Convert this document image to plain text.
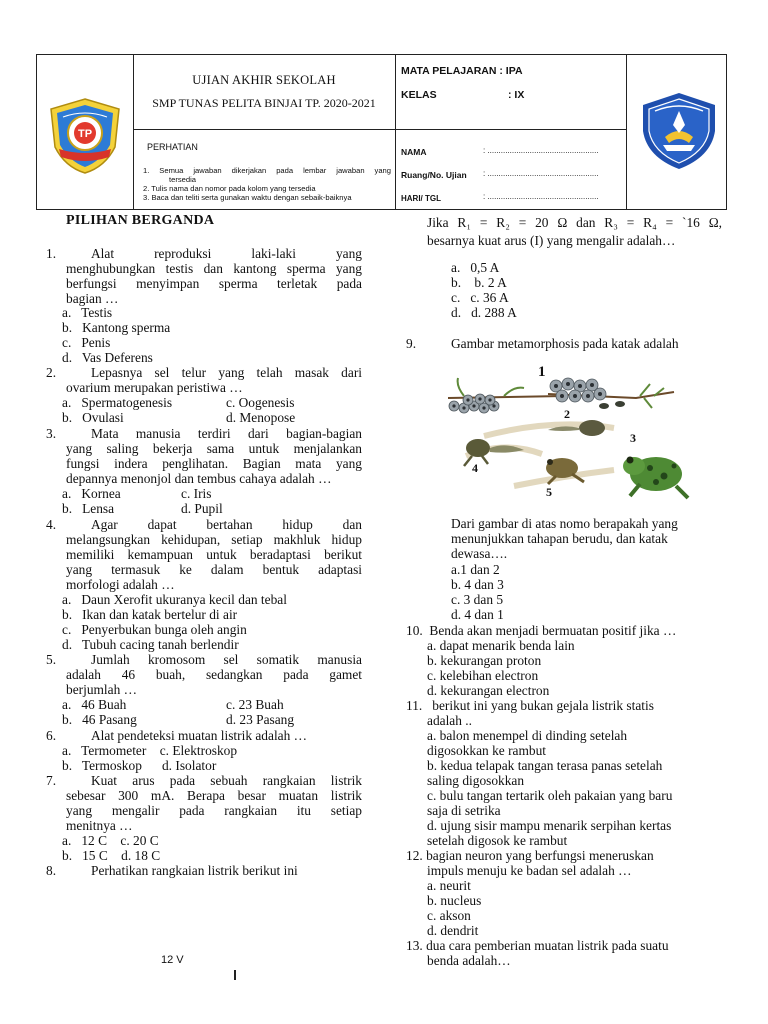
TP
UJIAN AKHIR SEKOLAH
SMP TUNAS PELITA BINJAI TP. 2020-2021
PERHATIAN
1. Semua jawaban dikerjakan pada lembar jawaban yang
tersedia
2. Tulis nama dan nomor pada kolom yang tersedia
3. Baca dan teliti serta gunakan waktu dengan sebaik-baiknya
MATA PELAJARAN : IPA
KELAS	: IX
NAMA	: ..................................................
Ruang/No. Ujian : ..................................................
HARI/ TGL	: ..................................................
PILIHAN BERGANDA
1.	Alat reproduksi laki-laki yang
menghubungkan testis dan kantong sperma yang
berfungsi menyimpan sperma terletak pada
bagian …
a.   Testis
b.   Kantong sperma
c.   Penis
d.   Vas Deferens
2.	Lepasnya sel telur yang telah masak dari
ovarium merupakan peristiwa …
a.   Spermatogenesis	c. Oogenesis
b.   Ovulasi	d. Menopose
3.	Mata manusia terdiri dari bagian-bagian
yang saling bekerja sama untuk menjalankan
fungsi indera penglihatan. Bagian mata yang
depannya menonjol dan tembus cahaya adalah …
a.   Kornea	c. Iris
b.   Lensa	d. Pupil
4.	Agar dapat bertahan hidup dan
melangsungkan kehidupan, setiap makhluk hidup
memiliki kemampuan untuk beradaptasi berikut
yang termasuk ke dalam bentuk adaptasi
morfologi adalah …
a.   Daun Xerofit ukuranya kecil dan tebal
b.   Ikan dan katak bertelur di air
c.   Penyerbukan bunga oleh angin
d.   Tubuh cacing tanah berlendir
5.	Jumlah kromosom sel somatik manusia
adalah 46 buah, sedangkan pada gamet
berjumlah …
a.   46 Buah	c. 23 Buah
b.   46 Pasang	d. 23 Pasang
6.	Alat pendeteksi muatan listrik adalah …
a.   Termometer    c. Elektroskop
b.   Termoskop      d. Isolator
7.	Kuat arus pada sebuah rangkaian listrik
sebesar 300 mA. Berapa besar muatan listrik
yang mengalir pada rangkaian itu setiap
menitnya …
a.   12 C    c. 20 C
b.   15 C    d. 18 C
8.	Perhatikan rangkaian listrik berikut ini
12 V
Jika R₁ = R₂ = 20 Ω dan R₃ = R₄ = `16 Ω,
besarnya kuat arus (I) yang mengalir adalah…
a.   0,5 A
b.    b. 2 A
c.   c. 36 A
d.   d. 288 A
9.	Gambar metamorphosis pada katak adalah
1
2
3
4
5
Dari gambar di atas nomo berapakah yang
menunjukkan tahapan berudu, dan katak
dewasa….
a.1 dan 2
b. 4 dan 3
c. 3 dan 5
d. 4 dan 1
10.  Benda akan menjadi bermuatan positif jika …
a. dapat menarik benda lain
b. kekurangan proton
c. kelebihan electron
d. kekurangan electron
11.   berikut ini yang bukan gejala listrik statis
adalah ..
a. balon menempel di dinding setelah
digosokkan ke rambut
b. kedua telapak tangan terasa panas setelah
saling digosokkan
c. bulu tangan tertarik oleh pakaian yang baru
saja di setrika
d. ujung sisir mampu menarik serpihan kertas
setelah digosok ke rambut
12. bagian neuron yang berfungsi meneruskan
impuls menuju ke badan sel adalah …
a. neurit
b. nucleus
c. akson
d. dendrit
13. dua cara pemberian muatan listrik pada suatu
benda adalah…
